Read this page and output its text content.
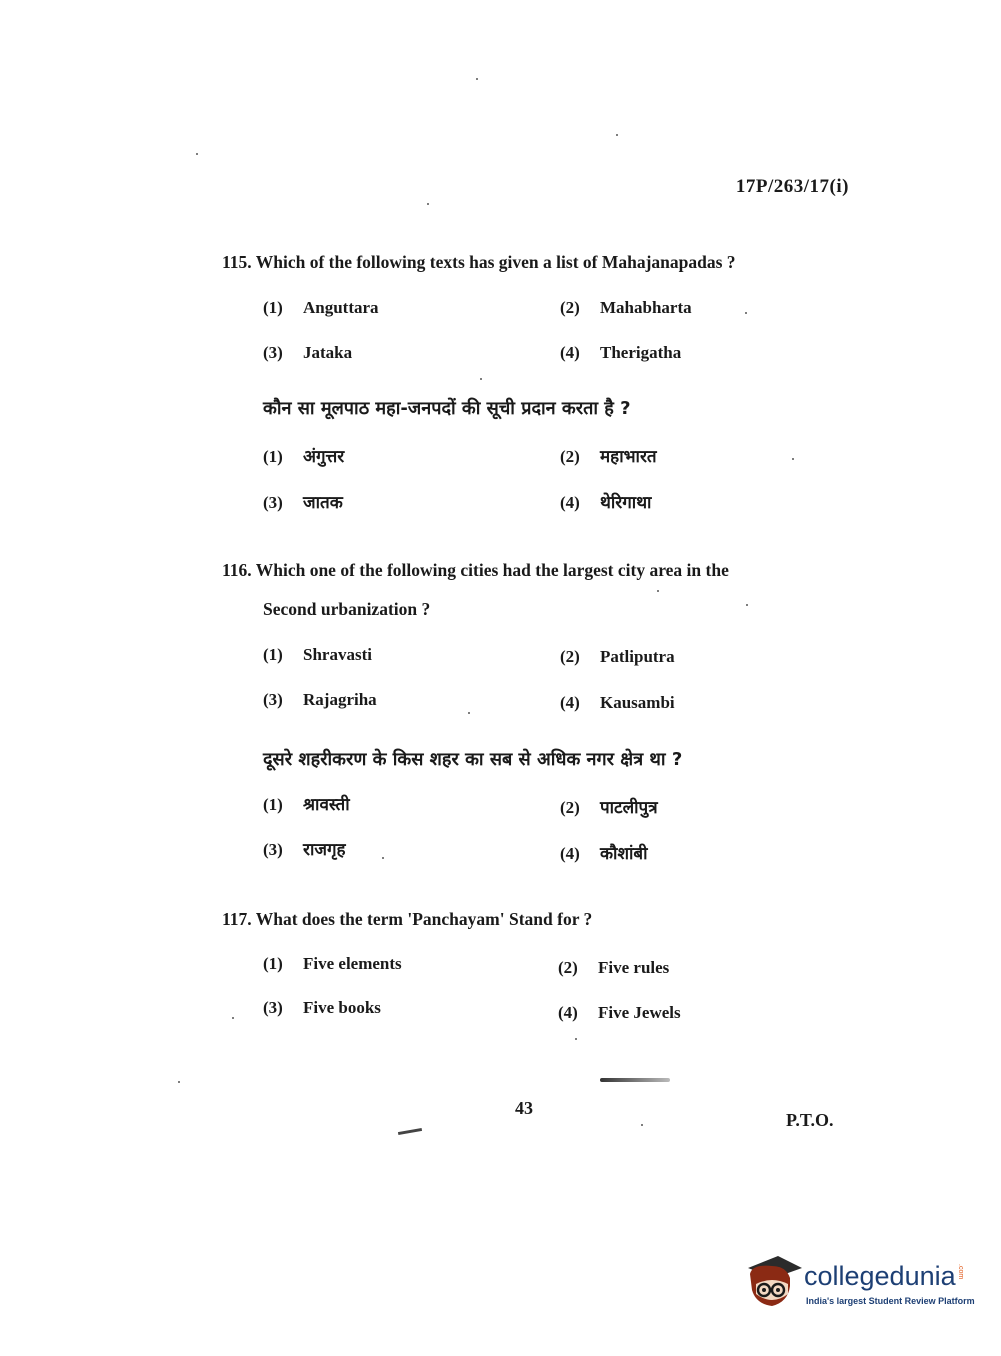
17P/263/17(i)
115. Which of the following texts has given a list of Mahajanapadas ?
(1) Anguttara	(2) Mahabharta
(3) Jataka	(4) Therigatha
कौन सा मूलपाठ महा-जनपदों की सूची प्रदान करता है ?
(1) अंगुत्तर	(2) महाभारत
(3) जातक	(4) थेरिगाथा
116. Which one of the following cities had the largest city area in the
Second urbanization ?
(1) Shravasti	(2) Patliputra
(3) Rajagriha	(4) Kausambi
दूसरे शहरीकरण के किस शहर का सब से अधिक नगर क्षेत्र था ?
(1) श्रावस्ती	(2) पाटलीपुत्र
(3) राजगृह	(4) कौशांबी
117. What does the term 'Panchayam' Stand for ?
(1) Five elements	(2) Five rules
(3) Five books	(4) Five Jewels
43
P.T.O.
collegedunia .com
India's largest Student Review Platform
